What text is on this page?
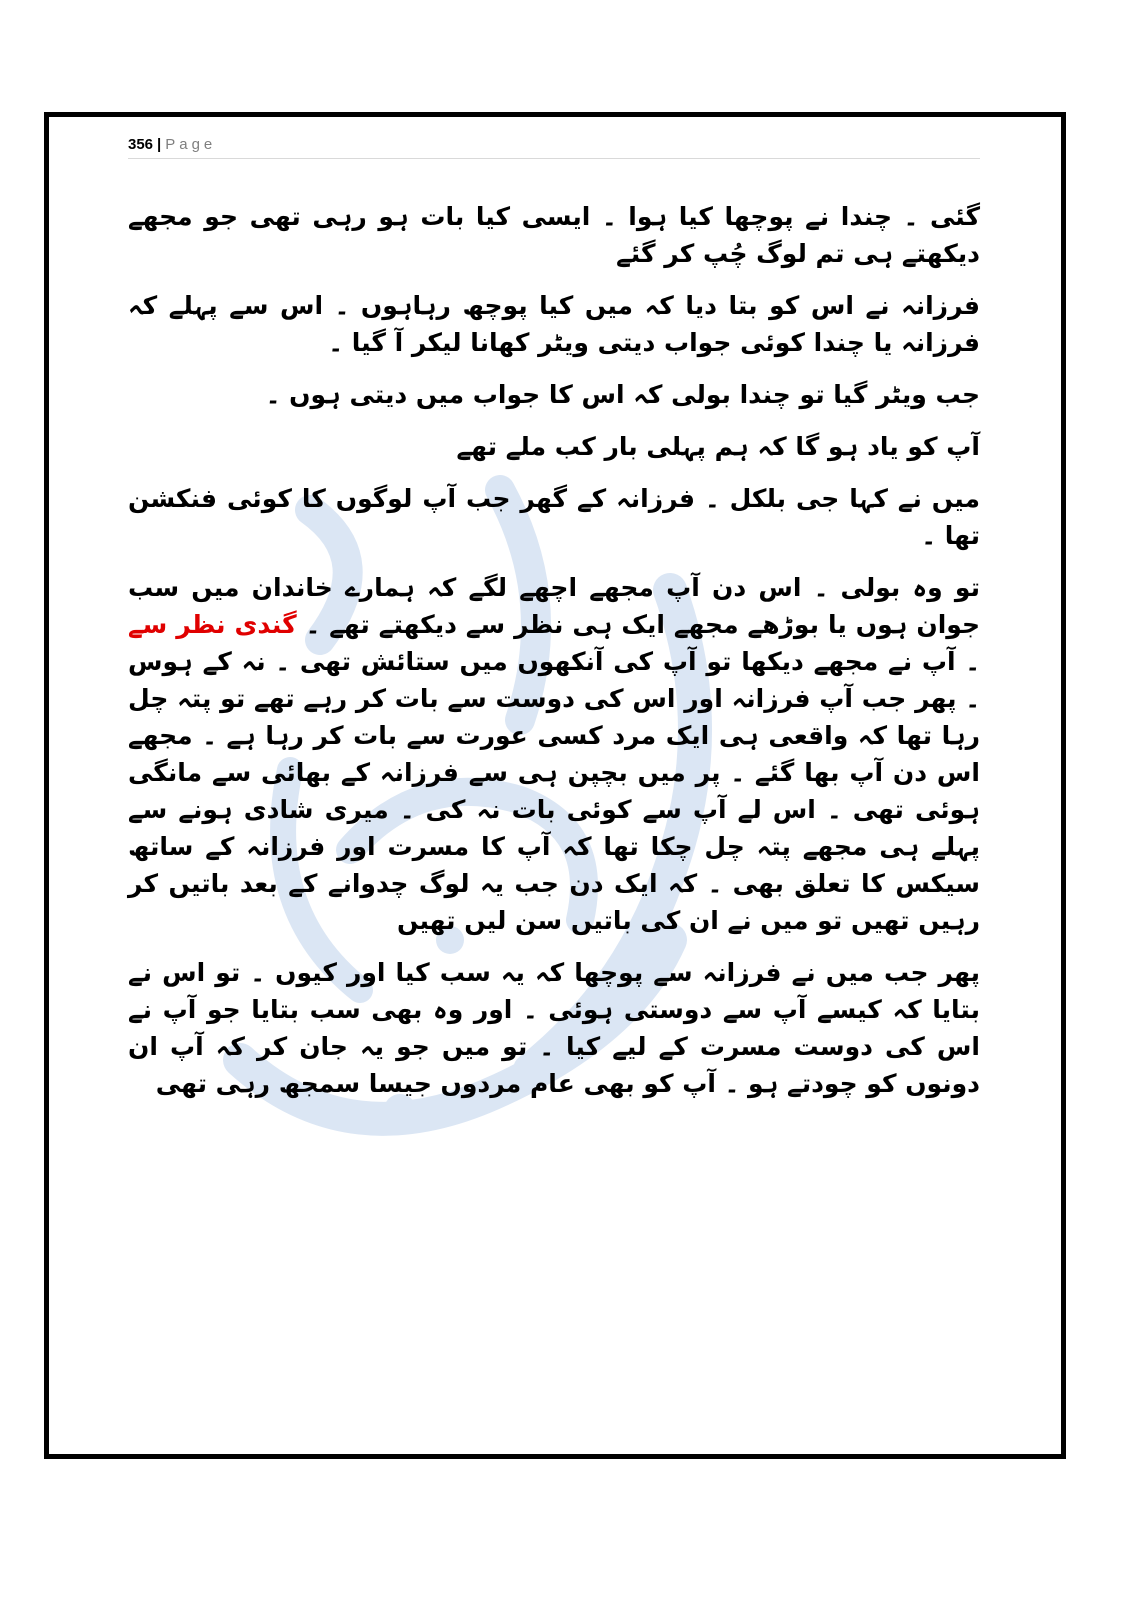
356 | Page

گئی ۔ چندا نے پوچھا کیا ہوا ۔ ایسی کیا بات ہو رہی تھی جو مجھے دیکھتے ہی تم لوگ چُپ کر گئے

فرزانہ نے اس کو بتا دیا کہ میں کیا پوچھ رہاہوں ۔ اس سے پہلے کہ فرزانہ یا چندا کوئی جواب دیتی ویٹر کھانا لیکر آ گیا ۔

جب ویٹر گیا تو چندا بولی کہ اس کا جواب میں دیتی ہوں ۔

آپ کو یاد ہو گا کہ ہم پہلی بار کب ملے تھے

میں نے کہا جی بلکل ۔ فرزانہ کے گھر جب آپ لوگوں کا کوئی فنکشن تھا ۔

تو وہ بولی ۔ اس دن آپ مجھے اچھے لگے کہ ہمارے خاندان میں سب جوان ہوں یا بوڑھے مجھے ایک ہی نظر سے دیکھتے تھے ۔ گندی نظر سے ۔ آپ نے مجھے دیکھا تو آپ کی آنکھوں میں ستائش تھی ۔ نہ کے ہوس ۔ پھر جب آپ فرزانہ اور اس کی دوست سے بات کر رہے تھے تو پتہ چل رہا تھا کہ واقعی ہی ایک مرد کسی عورت سے بات کر رہا ہے ۔ مجھے اس دن آپ بھا گئے ۔ پر میں بچپن ہی سے فرزانہ کے بھائی سے مانگی ہوئی تھی ۔ اس لے آپ سے کوئی بات نہ کی ۔ میری شادی ہونے سے پہلے ہی مجھے پتہ چل چکا تھا کہ آپ کا مسرت اور فرزانہ کے ساتھ سیکس کا تعلق بھی ۔ کہ ایک دن جب یہ لوگ چدوانے کے بعد باتیں کر رہیں تھیں تو میں نے ان کی باتیں سن لیں تھیں

پھر جب میں نے فرزانہ سے پوچھا کہ یہ سب کیا اور کیوں ۔ تو اس نے بتایا کہ کیسے آپ سے دوستی ہوئی ۔ اور وہ بھی سب بتایا جو آپ نے اس کی دوست مسرت کے لیے کیا ۔ تو میں جو یہ جان کر کہ آپ ان دونوں کو چودتے ہو ۔ آپ کو بھی عام مردوں جیسا سمجھ رہی تھی
